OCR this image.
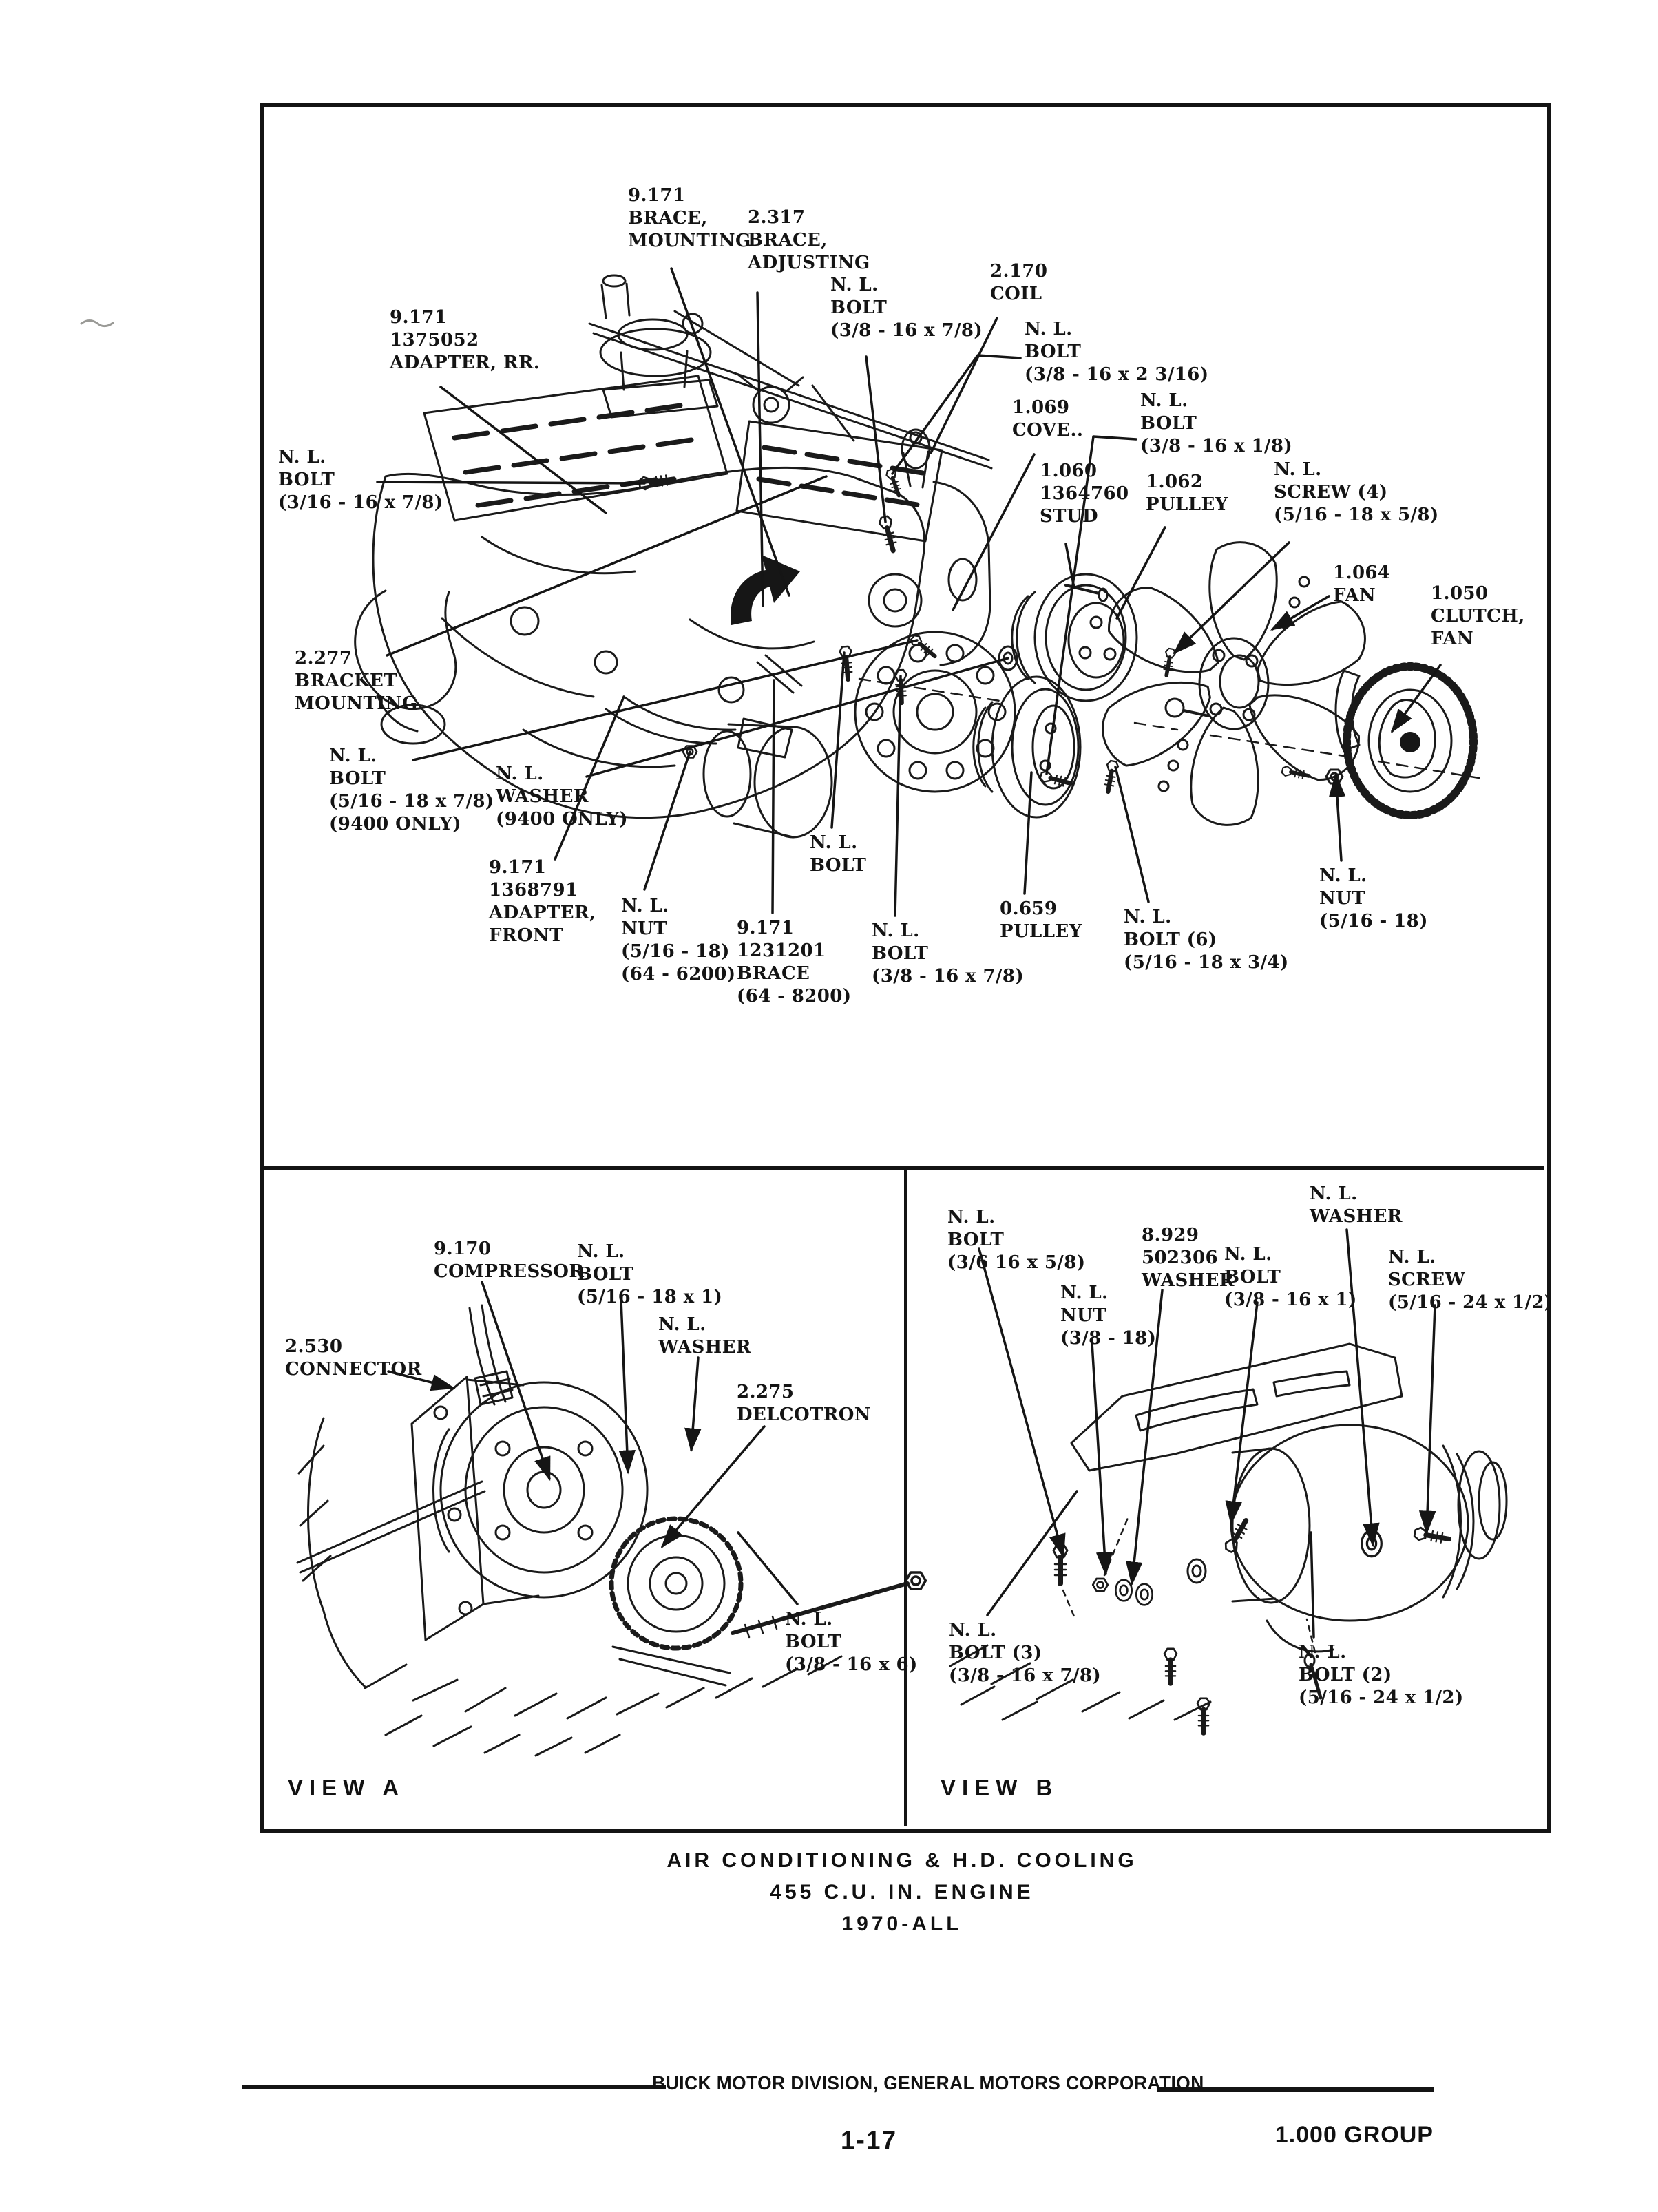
VIEW A	VIEW B
AIR CONDITIONING & H.D. COOLING
455 C.U. IN. ENGINE
1970-ALL
BUICK MOTOR DIVISION, GENERAL MOTORS CORPORATION
1-17	1.000 GROUP
9.171
BRACE,
MOUNTING
2.317
BRACE,
ADJUSTING
9.171
1375052
ADAPTER, RR.
N. L.
BOLT
(3/8 - 16 x 7/8)
2.170
COIL
N. L.
BOLT
(3/8 - 16 x 2 3/16)
1.069
COVE..
N. L.
BOLT
(3/8 - 16 x 1/8)
1.060
1364760
STUD
1.062
PULLEY
N. L.
SCREW (4)
(5/16 - 18 x 5/8)
1.064
FAN	1.050
CLUTCH,
FAN
N. L.
BOLT
(3/16 - 16 x 7/8)
2.277
BRACKET
MOUNTING
N. L.
BOLT
(5/16 - 18 x 7/8)
(9400 ONLY)
N. L.
WASHER
(9400 ONLY)
9.171
1368791
ADAPTER,
FRONT
N. L.
NUT
(5/16 - 18)
(64 - 6200)
9.171
1231201
BRACE
(64 - 8200)
N. L.
BOLT
N. L.
BOLT
(3/8 - 16 x 7/8)
0.659
PULLEY
N. L.
BOLT (6)
(5/16 - 18 x 3/4)
N. L.
NUT
(5/16 - 18)
9.170
COMPRESSOR
N. L.
BOLT
(5/16 - 18 x 1)
N. L.
WASHER
2.530
CONNECTOR
2.275
DELCOTRON
N. L.
BOLT
(3/8 - 16 x 6)
N. L.
BOLT
(3/6 16 x 5/8)
8.929
502306
WASHER
N. L.
WASHER
N. L.
BOLT
(3/8 - 16 x 1)
N. L.
SCREW
(5/16 - 24 x 1/2)
N. L.
NUT
(3/8 - 18)
N. L.
BOLT (3)
(3/8 - 16 x 7/8)
N. L.
BOLT (2)
(5/16 - 24 x 1/2)
